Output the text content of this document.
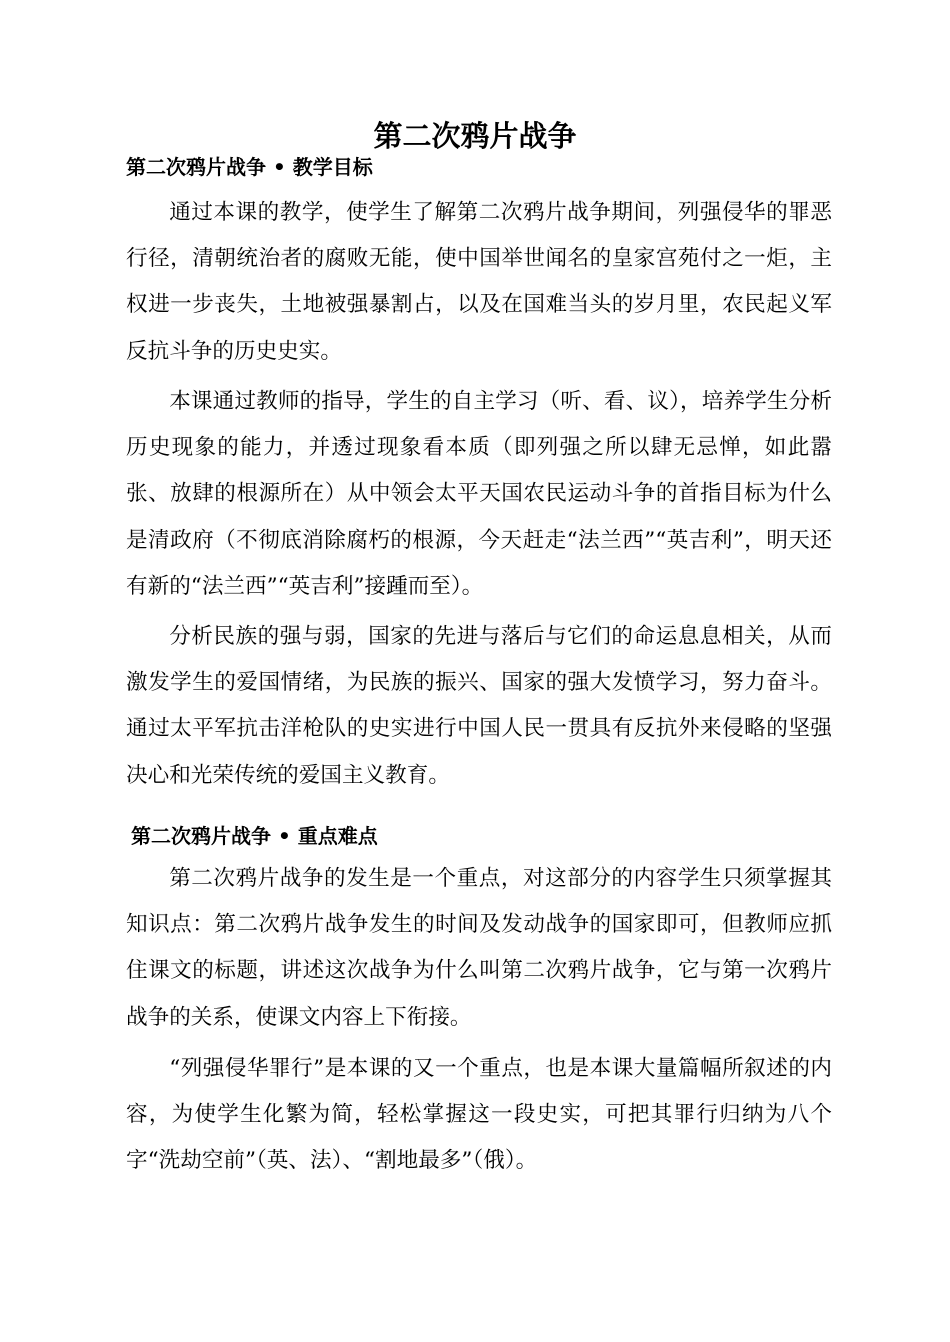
第二次鸦片战争
第二次鸦片战争 • 教学目标

通过本课的教学，使学生了解第二次鸦片战争期间，列强侵华的罪恶行径，清朝统治者的腐败无能，使中国举世闻名的皇家宫苑付之一炬，主权进一步丧失，土地被强暴割占，以及在国难当头的岁月里，农民起义军反抗斗争的历史史实。

本课通过教师的指导，学生的自主学习（听、看、议），培养学生分析历史现象的能力，并透过现象看本质（即列强之所以肆无忌惮，如此嚣张、放肆的根源所在）从中领会太平天国农民运动斗争的首指目标为什么是清政府（不彻底消除腐朽的根源，今天赶走“法兰西”“英吉利”，明天还有新的“法兰西”“英吉利”接踵而至）。

分析民族的强与弱，国家的先进与落后与它们的命运息息相关，从而激发学生的爱国情绪，为民族的振兴、国家的强大发愤学习，努力奋斗。通过太平军抗击洋枪队的史实进行中国人民一贯具有反抗外来侵略的坚强决心和光荣传统的爱国主义教育。

第二次鸦片战争 • 重点难点

第二次鸦片战争的发生是一个重点，对这部分的内容学生只须掌握其知识点：第二次鸦片战争发生的时间及发动战争的国家即可，但教师应抓住课文的标题，讲述这次战争为什么叫第二次鸦片战争，它与第一次鸦片战争的关系，使课文内容上下衔接。

“列强侵华罪行”是本课的又一个重点，也是本课大量篇幅所叙述的内容，为使学生化繁为简，轻松掌握这一段史实，可把其罪行归纳为八个字“洗劫空前”（英、法）、“割地最多”（俄）。
